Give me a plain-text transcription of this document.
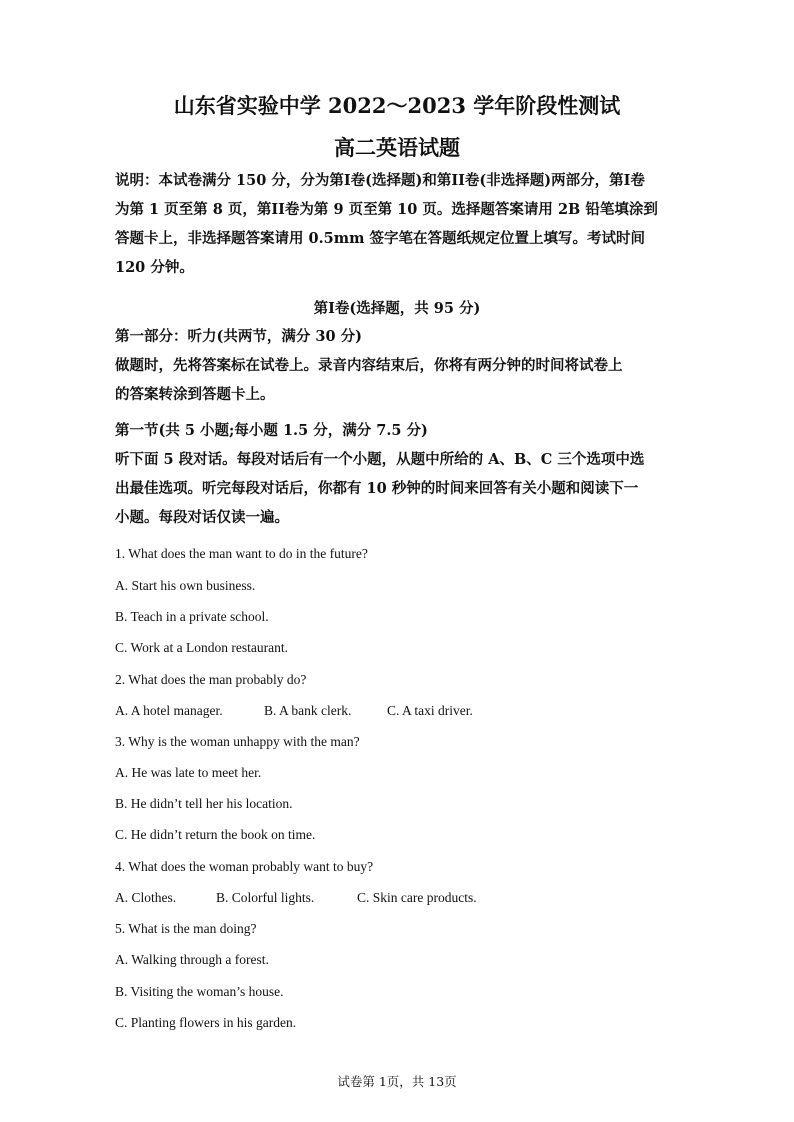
山东省实验中学 2022～2023 学年阶段性测试
高二英语试题
说明：本试卷满分 150 分，分为第I卷(选择题)和第II卷(非选择题)两部分，第I卷
为第 1 页至第 8 页，第II卷为第 9 页至第 10 页。选择题答案请用 2B 铅笔填涂到
答题卡上，非选择题答案请用 0.5mm 签字笔在答题纸规定位置上填写。考试时间
120 分钟。
第I卷(选择题，共 95 分)
第一部分：听力(共两节，满分 30 分)
做题时，先将答案标在试卷上。录音内容结束后，你将有两分钟的时间将试卷上
的答案转涂到答题卡上。
第一节(共 5 小题;每小题 1.5 分，满分 7.5 分)
听下面 5 段对话。每段对话后有一个小题，从题中所给的 A、B、C 三个选项中选
出最佳选项。听完每段对话后，你都有 10 秒钟的时间来回答有关小题和阅读下一
小题。每段对话仅读一遍。
1. What does the man want to do in the future?
A. Start his own business.
B. Teach in a private school.
C. Work at a London restaurant.
2. What does the man probably do?
A. A hotel manager.	B. A bank clerk.	C. A taxi driver.
3. Why is the woman unhappy with the man?
A. He was late to meet her.
B. He didn’t tell her his location.
C. He didn’t return the book on time.
4. What does the woman probably want to buy?
A. Clothes.	B. Colorful lights.	C. Skin care products.
5. What is the man doing?
A. Walking through a forest.
B. Visiting the woman’s house.
C. Planting flowers in his garden.
试卷第 1页，共 13页
